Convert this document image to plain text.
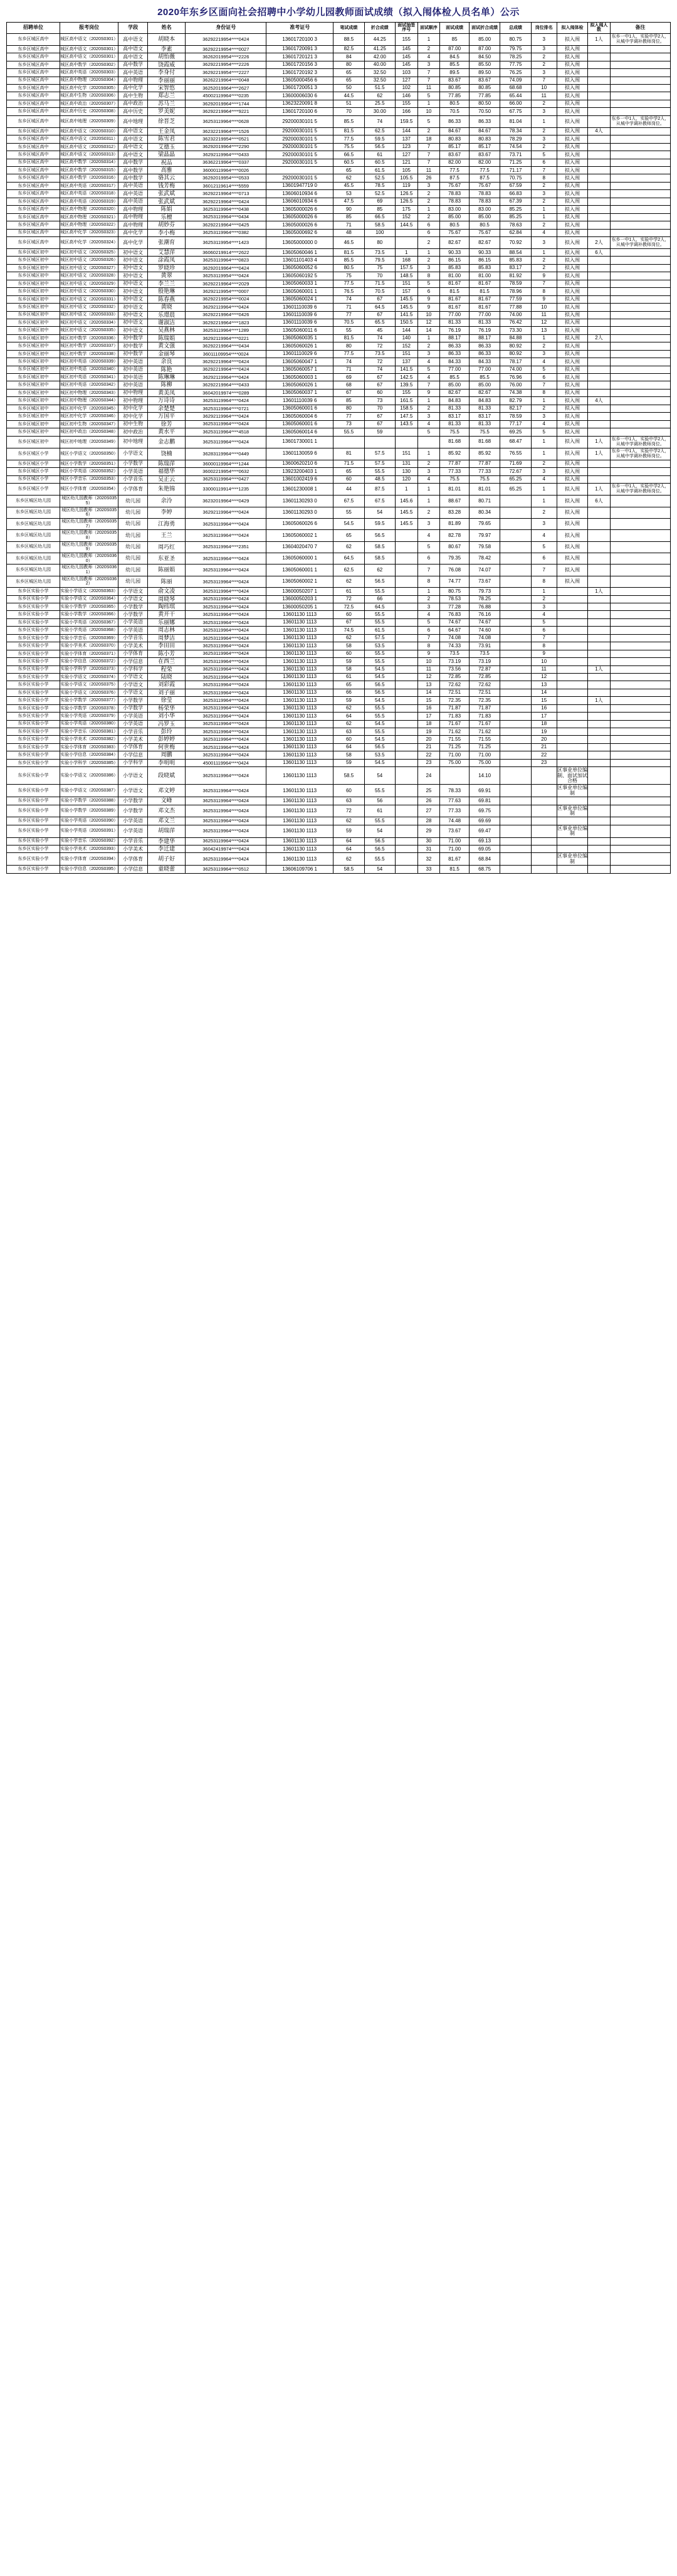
2020年东乡区面向社会招聘中小学幼儿园教师面试成绩（拟入闱体检人员名单）公示
招聘单位	报考岗位	学段	姓名	身份证号	准考证号	笔试成绩	折合成绩	面试抽签序号	面试顺序	面试成绩	面试折合成绩	总成绩	岗位排名	拟入闱体检	拟入闱人数	备注
东乡区城区高中	城区高中语文（2020S0301）	高中语文	胡晓本	36292219954****0424	13601720100 3	88.5	44.25	155	1	85	85.00	80.75	3	拟入闱	1人	东乡一中1人，实验中学2人，从城中学调补教师岗位。
东乡区城区高中	城区高中语文（2020S0301）	高中语文	李素	36292219954****0027	13601720091 3	82.5	41.25	145	2	87.00	87.00	79.75	3	拟入闱		
东乡区城区高中	城区高中语文（2020S0301）	高中语文	胡怡薇	36262019954****2226	13601720121 3	84	42.00	145	4	84.5	84.50	78.25	2	拟入闱		
东乡区城区高中	城区高中数学（2020S0302）	高中数学	饶霞威	36292219954****2226	13601720156 3	80	40.00	145	3	85.5	85.50	77.75	2	拟入闱		
东乡区城区高中	城区高中英语（2020S0303）	高中英语	李身付	36292219954****2227	13601720192 3	65	32.50	103	7	89.5	89.50	76.25	3	拟入闱		
东乡区城区高中	城区高中物理（2020S0304）	高中物理	李丽丽	36262219964****0048	13605000456 6	65	32.50	127	7	83.67	83.67	74.09	7	拟入闱		
东乡区城区高中	城区高中化学（2020S0305）	高中化学	宋智悠	36252019964****2627	13601720051 3	50	51.5	102	11	80.85	80.85	68.68	10	拟入闱		
东乡区城区高中	城区高中生物（2020S0306）	高中生物	郑志兰	45002119964****0235	13600006030 6	44.5	62	146	5	77.85	77.85	65.44	11	拟入闱		
东乡区城区高中	城区高中政治（2020S0307）	高中政治	苏马兰	36292019964****1744	13623220091 8	51	25.5	155	1	80.5	80.50	66.00	2	拟入闱		
东乡区城区高中	城区高中历史（2020S0308）	高中历史	罗美妮	36292219964****9221	13601720100 6	70	30.00	166	10	70.5	70.50	67.75	3	拟入闱		
东乡区城区高中	城区高中地理（2020S0309）	高中地理	徐晋芝	36253119964****0628	29200030101 5	85.5	74	159.5	5	86.33	86.33	81.04	1	拟入闱		东乡一中1人，实验中学2人，从城中学调补教师岗位。
东乡区城区高中	城区高中语文（2020S0310）	高中语文	王金凤	36232219964****1526	29200030101 5	81.5	62.5	144	2	84.67	84.67	78.34	2	拟入闱	4人	
东乡区城区高中	城区高中语文（2020S0311）	高中语文	陈雪君	36232219954****0521	29200030101 5	77.5	59.5	137	18	80.83	80.83	78.29	3	拟入闱		
东乡区城区高中	城区高中语文（2020S0312）	高中语文	艾德玉	36292019964****2290	29200030101 5	75.5	56.5	123	7	85.17	85.17	74.54	2	拟入闱		
东乡区城区高中	城区高中语文（2020S0313）	高中语文	梁晶晶	36292119964****0433	29200030101 5	66.5	61	127	7	83.67	83.67	73.71	5	拟入闱		
东乡区城区高中	城区高中数学（2020S0314）	高中数学	祝品	36362219964****0337	29200030101 5	60.5	60.5	121	7	82.00	82.00	71.25	6	拟入闱		
东乡区城区高中	城区高中数学（2020S0315）	高中数学	高雅	36000119964****0026		65	61.5	105	11	77.5	77.5	71.17	7	拟入闱		
东乡区城区高中	城区高中数学（2020S0316）	高中数学	骆其云	36292019954****0533	29200030101 5	62	52.5	105.5	26	87.5	87.5	70.75	8	拟入闱		
东乡区城区高中	城区高中英语（2020S0317）	高中英语	钱芳梅	36012119614****5559	13601947719 0	45.5	78.5	119	3	75.67	75.67	67.59	2	拟入闱		
东乡区城区高中	城区高中英语（2020S0318）	高中英语	张武斌	36292219964****0713	13606010934 6	53	52.5	126.5	2	78.83	78.83	66.83	3	拟入闱		
东乡区城区高中	城区高中英语（2020S0319）	高中英语	张武斌	36292219964****0424	13606010934 6	47.5	69	126.5	2	78.83	78.83	67.39	2	拟入闱		
东乡区城区高中	城区高中物理（2020S0320）	高中物理	陈娟	36253119964****0438	13605000026 6	90	85	175	1	83.00	83.00	85.25	1	拟入闱		
东乡区城区高中	城区高中物理（2020S0321）	高中物理	乐檀	36253119964****0434	13605000026 6	85	66.5	152	2	85.00	85.00	85.25	1	拟入闱		
东乡区城区高中	城区高中物理（2020S0322）	高中物理	胡妙芬	36292219964****0425	13605000026 6	71	58.5	144.5	6	80.5	80.5	78.63	2	拟入闱		
东乡区城区高中	城区高中化学（2020S0323）	高中化学	李小梅	36253119964****0382	13605000692 6	48	100		6	75.67	75.67	62.84	4	拟入闱		
东乡区城区高中	城区高中化学（2020S0324）	高中化学	张潮育	36253119954****1423	13605000000 0	46.5	80		2	82.67	82.67	70.92	3	拟入闱	2人	东乡一中1人，实验中学2人，从城中学调补教师岗位。
东乡区城区初中	城区初中语文（2020S0325）	初中语文	艾慧萍	36060219914****2622	13605060046 1	81.5	73.5	1	1	90.33	90.33	88.54	1	拟入闱	6人	
东乡区城区初中	城区初中语文（2020S0326）	初中语文	涂霞凤	36253119964****0823	13601101403 4	85.5	79.5	168	2	86.15	86.15	85.83	2	拟入闱		
东乡区城区初中	城区初中语文（2020S0327）	初中语文	罗晓珍	36292019964****0424	13605060052 6	80.5	75	157.5	3	85.83	85.83	83.17	2	拟入闱		
东乡区城区初中	城区初中语文（2020S0328）	初中语文	黄翠	36253119954****0424	13605060192 5	75	70	148.5	8	81.00	81.00	81.92	9	拟入闱		
东乡区城区初中	城区初中语文（2020S0329）	初中语文	李兰兰	36292219964****2029	13605060033 1	77.5	71.5	151	5	81.67	81.67	78.59	7	拟入闱		
东乡区城区初中	城区初中语文（2020S0330）	初中语文	殷艳琳	36292119954****0007	13605060001 1	76.5	70.5	157	6	81.5	81.5	78.96	8	拟入闱		
东乡区城区初中	城区初中语文（2020S0331）	初中语文	陈春燕	36292219954****0024	13605060024 1	74	67	145.5	9	81.67	81.67	77.59	9	拟入闱		
东乡区城区初中	城区初中语文（2020S0332）	初中语文	黄晓	36292119964****0424	13601110039 6	71	64.5	145.5	9	81.67	81.67	77.88	10	拟入闱		
东乡区城区初中	城区初中语文（2020S0333）	初中语文	乐璟晨	36292219964****0426	13601110039 6	77	67	141.5	10	77.00	77.00	74.00	11	拟入闱		
东乡区城区初中	城区初中语文（2020S0334）	初中语文	谢淑洁	36292219964****1823	13601110039 6	70.5	65.5	150.5	12	81.33	81.33	76.42	12	拟入闱		
东乡区城区初中	城区初中语文（2020S0335）	初中语文	吴燕林	36253119964****1289	13605060011 6	55	45	144	14	76.19	76.19	73.30	13	拟入闱		
东乡区城区初中	城区初中数学（2020S0336）	初中数学	陈瑞娟	36292119964****0221	13605060035 1	81.5	74	140	1	88.17	88.17	84.88	1	拟入闱	2人	
东乡区城区初中	城区初中数学（2020S0337）	初中数学	黄文强	36292219964****0434	13605060026 1	80	72	152	2	86.33	86.33	80.92	2	拟入闱		
东乡区城区初中	城区初中数学（2020S0338）	初中数学	金丽琴	36011109954****0024	13601110029 6	77.5	73.5	151	3	86.33	86.33	80.92	3	拟入闱		
东乡区城区初中	城区初中英语（2020S0339）	初中英语	余良	36292219964****0424	13605060047 1	74	72	137	4	84.33	84.33	78.17	4	拟入闱		
东乡区城区初中	城区初中英语（2020S0340）	初中英语	陈艳	36292219964****0424	13605060057 1	71	74	141.5	5	77.00	77.00	74.00	5	拟入闱		
东乡区城区初中	城区初中英语（2020S0341）	初中英语	陈琳琳	36292119964****0424	13605060003 1	69	67	142.5	4	85.5	85.5	76.96	6	拟入闱		
东乡区城区初中	城区初中英语（2020S0342）	初中英语	陈柳	36292219964****0433	13605060026 1	68	67	139.5	7	85.00	85.00	76.00	7	拟入闱		
东乡区城区初中	城区初中物理（2020S0343）	初中物理	黄美凤	36042019974****0289	13605060037 1	67	60	155	9	82.67	82.67	74.38	8	拟入闱		
东乡区城区初中	城区初中物理（2020S0344）	初中物理	万诗诗	36253119964****0424	13601110039 6	85	73	161.5	1	84.83	84.83	82.79	1	拟入闱	4人	
东乡区城区初中	城区初中化学（2020S0345）	初中化学	余楚楚	36253119964****0721	13605060001 6	80	70	158.5	2	81.33	81.33	82.17	2	拟入闱		
东乡区城区初中	城区初中化学（2020S0346）	初中化学	万国平	36292119964****0424	13605060004 6	77	67	147.5	3	83.17	83.17	78.59	3	拟入闱		
东乡区城区初中	城区初中生物（2020S0347）	初中生物	徐芳	36253119964****0424	13605060001 6	73	67	143.5	4	81.33	81.33	77.17	4	拟入闱		
东乡区城区初中	城区初中政治（2020S0348）	初中政治	黄水平	36253119964****4518	13605060014 6	55.5	59		5	75.5	75.5	69.25	5	拟入闱		
东乡区城区初中	城区初中地理（2020S0349）	初中地理	金志鹏	36253119964****0424	13601730001 1					81.68	81.68	68.47	1	拟入闱	1人	东乡一中1人，实验中学2人，从城中学调补教师岗位。
东乡区城区小学	城区小学语文（2020S0350）	小学语文	饶楠	36283119964****0449	13601130059 6	81	57.5	151	1	85.92	85.92	76.55	1	拟入闱	1人	东乡一中1人，实验中学2人，从城中学调补教师岗位。
东乡区城区小学	城区小学数学（2020S0351）	小学数学	陈瑞萍	36000119964****1244	13600620210 6	71.5	57.5	131	2	77.87	77.87	71.69	2	拟入闱		
东乡区城区小学	城区小学英语（2020S0352）	小学英语	福德华	36002219954****0632	13923200403 1	65	55.5	130	3	77.33	77.33	72.67	3	拟入闱		
东乡区城区小学	城区小学音乐（2020S0353）	小学音乐	吴正云	36253119964****0427	13601002419 6	60	48.5	120	4	75.5	75.5	65.25	4	拟入闱		
东乡区城区小学	城区小学体育（2020S0354）	小学体育	朱艳锦	33000119914****1235	13601230008 1	44	87.5	1	1	81.01	81.01	65.25	1	拟入闱	1人	东乡一中1人，实验中学2人，从城中学调补教师岗位。
东乡区城区幼儿园	城区幼儿园教师（2020S0355）	幼儿园	余泠	36232019964****0429	13601130293 0	67.5	67.5	145.6	1	88.67	80.71		1	拟入闱	6人	
东乡区城区幼儿园	城区幼儿园教师（2020S0356）	幼儿园	李婷	36292119964****0424	13601130293 0	55	54	145.5	2	83.28	80.34		2	拟入闱		
东乡区城区幼儿园	城区幼儿园教师（2020S0357）	幼儿园	江海勇	36253119964****0424	13605060026 6	54.5	59.5	145.5	3	81.89	79.65		3	拟入闱		
东乡区城区幼儿园	城区幼儿园教师（2020S0358）	幼儿园	王兰	36253119964****0424	13605060002 1	65	56.5		4	82.78	79.97		4	拟入闱		
东乡区城区幼儿园	城区幼儿园教师（2020S0359）	幼儿园	周巧红	36253119964****2351	13604020470 7	62	58.5		5	80.67	79.58		5	拟入闱		
东乡区城区幼儿园	城区幼儿园教师（2020S0360）	幼儿园	东亚圣	36253119964****0424	13605060000 1	64.5	58.5		6	79.35	78.42		6	拟入闱		
东乡区城区幼儿园	城区幼儿园教师（2020S0361）	幼儿园	陈丽娟	36253119964****0424	13605060001 1	62.5	62		7	76.08	74.07		7	拟入闱		
东乡区城区幼儿园	城区幼儿园教师（2020S0362）	幼儿园	陈丽	36253119964****0424	13605060002 1	62	56.5		8	74.77	73.67		8	拟入闱		
东乡区实验小学	实验小学语文（2020S0363）	小学语文	俞文凌	36253119964****0424	13600050207 1	61	55.5		1	80.75	79.73		1		1人	
东乡区实验小学	实验小学语文（2020S0364）	小学语文	周晓琴	36253119964****0424	13600050203 1	72	66		2	78.53	78.25		2			
东乡区实验小学	实验小学数学（2020S0365）	小学数学	陶纬琪	36253119964****0424	13600050205 1	72.5	64.5		3	77.28	76.88		3			
东乡区实验小学	实验小学数学（2020S0366）	小学数学	黄开干	36253119964****0424	13601130 1113	60	55.5		4	76.83	76.16		4			
东乡区实验小学	实验小学英语（2020S0367）	小学英语	乐丽娜	36253119964****0424	13601130 1113	67	55.5		5	74.67	74.67		5			
东乡区实验小学	实验小学英语（2020S0368）	小学英语	周志林	36253119964****0424	13601130 1113	74.5	61.5		6	64.67	74.60		6			
东乡区实验小学	实验小学音乐（2020S0369）	小学音乐	周梦洁	36253119964****0424	13601130 1113	62	57.5		7	74.08	74.08		7			
东乡区实验小学	实验小学美术（2020S0370）	小学美术	李田田	36253119964****0424	13601130 1113	58	53.5		8	74.33	73.91		8			
东乡区实验小学	实验小学体育（2020S0371）	小学体育	陈小芳	36253119964****0424	13601130 1113	60	55.5		9	73.5	73.5		9			
东乡区实验小学	实验小学信息（2020S0372）	小学信息	在西兰	36253119964****0424	13601130 1113	59	55.5		10	73.19	73.19		10			
东乡区实验小学	实验小学科学（2020S0373）	小学科学	程荣	36253119964****0424	13601130 1113	58	54.5		11	73.56	72.87		11		1人	
东乡区实验小学	实验小学语文（2020S0374）	小学语文	陆晓	36253119964****0424	13601130 1113	61	54.5		12	72.85	72.85		12			
东乡区实验小学	实验小学语文（2020S0375）	小学语文	刘彩霞	36253119964****0424	13601130 1113	65	56.5		13	72.62	72.62		13			
东乡区实验小学	实验小学语文（2020S0376）	小学语文	刘子丽	36253119964****0424	13601130 1113	66	56.5		14	72.51	72.51		14			
东乡区实验小学	实验小学数学（2020S0377）	小学数学	徐莹	36253119964****0424	13601130 1113	59	54.5		15	72.35	72.35		15		1人	
东乡区实验小学	实验小学数学（2020S0378）	小学数学	杨荣华	36253119964****0424	13601130 1113	62	55.5		16	71.87	71.87		16			
东乡区实验小学	实验小学英语（2020S0379）	小学英语	刘小华	36253119964****0424	13601130 1113	64	55.5		17	71.83	71.83		17			
东乡区实验小学	实验小学英语（2020S0380）	小学英语	冯罗玉	36253119964****0424	13601130 1113	62	54.5		18	71.67	71.67		18			
东乡区实验小学	实验小学音乐（2020S0381）	小学音乐	彭玲	36253119964****0424	13601130 1113	63	55.5		19	71.62	71.62		19			
东乡区实验小学	实验小学美术（2020S0382）	小学美术	彭婷婷	36253119964****0424	13601130 1113	60	54.5		20	71.55	71.55		20			
东乡区实验小学	实验小学体育（2020S0383）	小学体育	何世梅	36253119964****0424	13601130 1113	64	56.5		21	71.25	71.25		21			
东乡区实验小学	实验小学信息（2020S0384）	小学信息	周鹏	36253119964****0424	13601130 1113	58	53.5		22	71.00	71.00		22			
东乡区实验小学	实验小学科学（2020S0385）	小学科学	李明明	45001119964****0424	13601130 1113	59	54.5		23	75.00	75.00		23			
东乡区实验小学	实验小学语文（2020S0386）	小学语文	段晓斌	36253119964****0424	13601130 1113	58.5	54		24		14.10			区事业单位编制、面试加试合格		
东乡区实验小学	实验小学语文（2020S0387）	小学语文	邓文婷	36253119964****0424	13601130 1113	60	55.5		25	78.33	69.91			区事业单位编制		
东乡区实验小学	实验小学数学（2020S0388）	小学数学	文峰	36253119964****0424	13601130 1113	63	56		26	77.63	69.81					
东乡区实验小学	实验小学数学（2020S0389）	小学数学	邓文杰	36253119964****0424	13601130 1113	72	61		27	77.33	69.75			区事业单位编制		
东乡区实验小学	实验小学英语（2020S0390）	小学英语	邓文兰	36253119964****0424	13601130 1113	62	55.5		28	74.48	69.69					
东乡区实验小学	实验小学英语（2020S0391）	小学英语	胡瑞萍	36253119964****0424	13601130 1113	59	54		29	73.67	69.47			区事业单位编制		
东乡区实验小学	实验小学音乐（2020S0392）	小学音乐	李建华	36253119964****0424	13601130 1113	64	56.5		30	71.00	69.13					
东乡区实验小学	实验小学美术（2020S0393）	小学美术	李迁建	36042419974****0424	13601130 1113	64	56.5		31	71.00	69.05					
东乡区实验小学	实验小学体育（2020S0394）	小学体育	胡子好	36253119964****0424	13601130 1113	62	55.5		32	81.67	68.84			区事业单位编制		
东乡区实验小学	实验小学信息（2020S0395）	小学信息	童晓蕾	36253119964****0512	13606109706 1	58.5	54		33	81.5	68.75					
